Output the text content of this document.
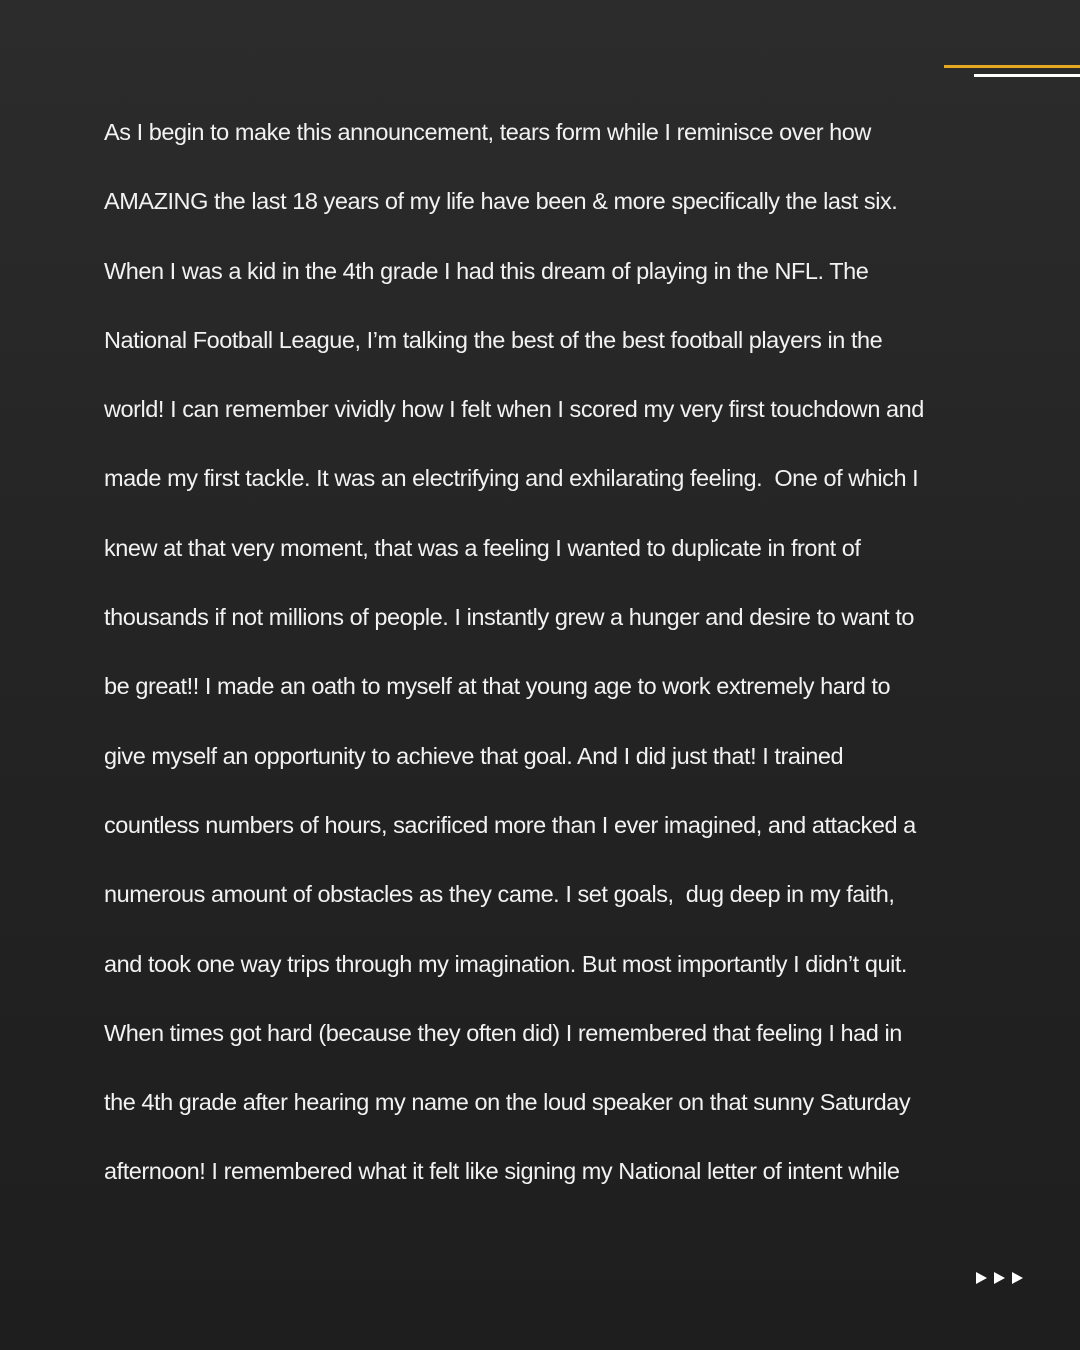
As I begin to make this announcement, tears form while I reminisce over how
AMAZING the last 18 years of my life have been & more specifically the last six.
When I was a kid in the 4th grade I had this dream of playing in the NFL. The
National Football League, I’m talking the best of the best football players in the
world! I can remember vividly how I felt when I scored my very first touchdown and
made my first tackle. It was an electrifying and exhilarating feeling.  One of which I
knew at that very moment, that was a feeling I wanted to duplicate in front of
thousands if not millions of people. I instantly grew a hunger and desire to want to
be great!! I made an oath to myself at that young age to work extremely hard to
give myself an opportunity to achieve that goal. And I did just that! I trained
countless numbers of hours, sacrificed more than I ever imagined, and attacked a
numerous amount of obstacles as they came. I set goals,  dug deep in my faith,
and took one way trips through my imagination. But most importantly I didn’t quit.
When times got hard (because they often did) I remembered that feeling I had in
the 4th grade after hearing my name on the loud speaker on that sunny Saturday
afternoon! I remembered what it felt like signing my National letter of intent while
